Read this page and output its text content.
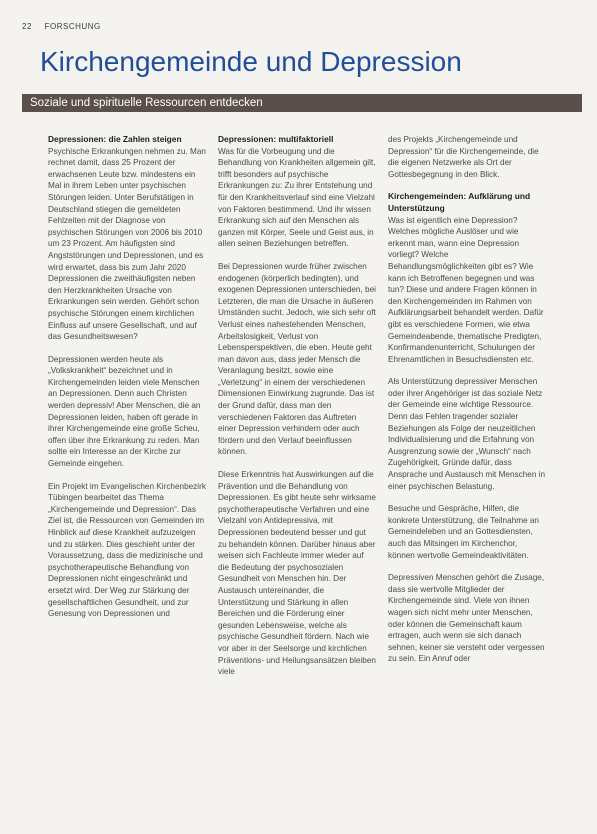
22 FORSCHUNG
Kirchengemeinde und Depression
Soziale und spirituelle Ressourcen entdecken
Depressionen: die Zahlen steigen

Psychische Erkrankungen nehmen zu. Man rechnet damit, dass 25 Prozent der erwachsenen Leute bzw. mindestens ein Mal in ihrem Leben unter psychischen Störungen leiden. Unter Berufstätigen in Deutschland stiegen die gemeldeten Fehlzeiten mit der Diagnose von psychischen Störungen von 2006 bis 2010 um 23 Prozent. Am häufigsten sind Angststörungen und Depressionen, und es wird erwartet, dass bis zum Jahr 2020 Depressionen die zweithäufigsten neben den Herzkrankheiten Ursache von Erkrankungen sein werden. Gehört schon psychische Störungen einem kirchlichen Einfluss auf unsere Gesellschaft, und auf das Gesundheitswesen?

Depressionen werden heute als „Volkskrankheit“ bezeichnet und in Kirchengemeinden leiden viele Menschen an Depressionen. Denn auch Christen werden depressiv! Aber Menschen, die an Depressionen leiden, haben oft gerade in ihrer Kirchengemeinde eine große Scheu, offen über ihre Erkrankung zu reden. Man sollte ein Interesse an der Kirche zur Gemeinde eingehen.

Ein Projekt im Evangelischen Kirchenbezirk Tübingen bearbeitet das Thema „Kirchengemeinde und Depression“. Das Ziel ist, die Ressourcen von Gemeinden im Hinblick auf diese Krankheit aufzuzeigen und zu stärken. Dies geschieht unter der Voraussetzung, dass die medizinische und psychotherapeutische Behandlung von Depressionen nicht eingeschränkt und ersetzt wird. Der Weg zur Stärkung der gesellschaftlichen Gesundheit, und zur Genesung von Depressionen und

Depressionen: multifaktoriell

Was für die Vorbeugung und die Behandlung von Krankheiten allgemein gilt, trifft besonders auf psychische Erkrankungen zu: Zu ihrer Entstehung und für den Krankheitsverlauf sind eine Vielzahl von Faktoren bestimmend. Und ihr wissen Erkrankung sich auf den Menschen als ganzen mit Körper, Seele und Geist aus, in allen seinen Beziehungen betreffen.

Bei Depressionen wurde früher zwischen endogenen (körperlich bedingten), und exogenen Depressionen unterschieden, bei Letzteren, die man die Ursache in äußeren Umständen sucht. Jedoch, wie sich sehr oft Verlust eines nahestehenden Menschen, Arbeitslosigkeit, Verlust von Lebensperspektiven, die eben. Heute geht man davon aus, dass jeder Mensch die Veranlagung besitzt, sowie eine „Verletzung“ in einem der verschiedenen Dimensionen Einwirkung zugrunde. Das ist der Grund dafür, dass man den verschiedenen Faktoren das Auftreten einer Depression verhindern oder auch fördern und den Verlauf beeinflussen können.

Diese Erkenntnis hat Auswirkungen auf die Prävention und die Behandlung von Depressionen. Es gibt heute sehr wirksame psychotherapeutische Verfahren und eine Vielzahl von Antidepressiva, mit Depressionen bedeutend besser und gut zu behandeln können. Darüber hinaus aber weisen sich Fachleute immer wieder auf die Bedeutung der psychosozialen Gesundheit von Menschen hin. Der Austausch untereinander, die Unterstützung und Stärkung in allen Bereichen und die Förderung einer gesunden Lebensweise, welche als psychische Gesundheit fördern. Nach wie vor aber in der Seelsorge und kirchlichen Präventions- und Heilungsansätzen bleiben viele

des Projekts „Kirchengemeinde und Depression“ für die Kirchengemeinde, die die eigenen Netzwerke als Ort der Gottesbegegnung in den Blick.

Kirchengemeinden: Aufklärung und Unterstützung

Was ist eigentlich eine Depression? Welches mögliche Auslöser und wie erkennt man, wann eine Depression vorliegt? Welche Behandlungsmöglichkeiten gibt es? Wie kann ich Betroffenen begegnen und was tun? Diese und andere Fragen können in den Kirchengemeinden im Rahmen von Aufklärungsarbeit behandelt werden. Dafür gibt es verschiedene Formen, wie etwa Gemeindeabende, thematische Predigten, Konfirmandenunterricht, Schulungen der Ehrenamtlichen in Besuchsdiensten etc.

Als Unterstützung depressiver Menschen oder ihrer Angehöriger ist das soziale Netz der Gemeinde eine wichtige Ressource. Denn das Fehlen tragender sozialer Beziehungen als Folge der neuzeitlichen Individualisierung und die Erfahrung von Ausgrenzung sowie der „Wunsch“ nach Zugehörigkeit, Gründe dafür, dass Ansprache und Austausch mit Menschen in einer psychischen Belastung.

Besuche und Gespräche, Hilfen, die konkrete Unterstützung, die Teilnahme an Gemeindeleben und an Gottesdiensten, auch das Mitsingen im Kirchenchor, können wertvolle Gemeindeaktivitäten.

Depressiven Menschen gehört die Zusage, dass sie wertvolle Mitglieder der Kirchengemeinde sind. Viele von ihnen wagen sich nicht mehr unter Menschen, oder können die Gemeinschaft kaum ertragen, auch wenn sie sich danach sehnen, keiner sie versteht oder vergessen zu sein. Ein Anruf oder
